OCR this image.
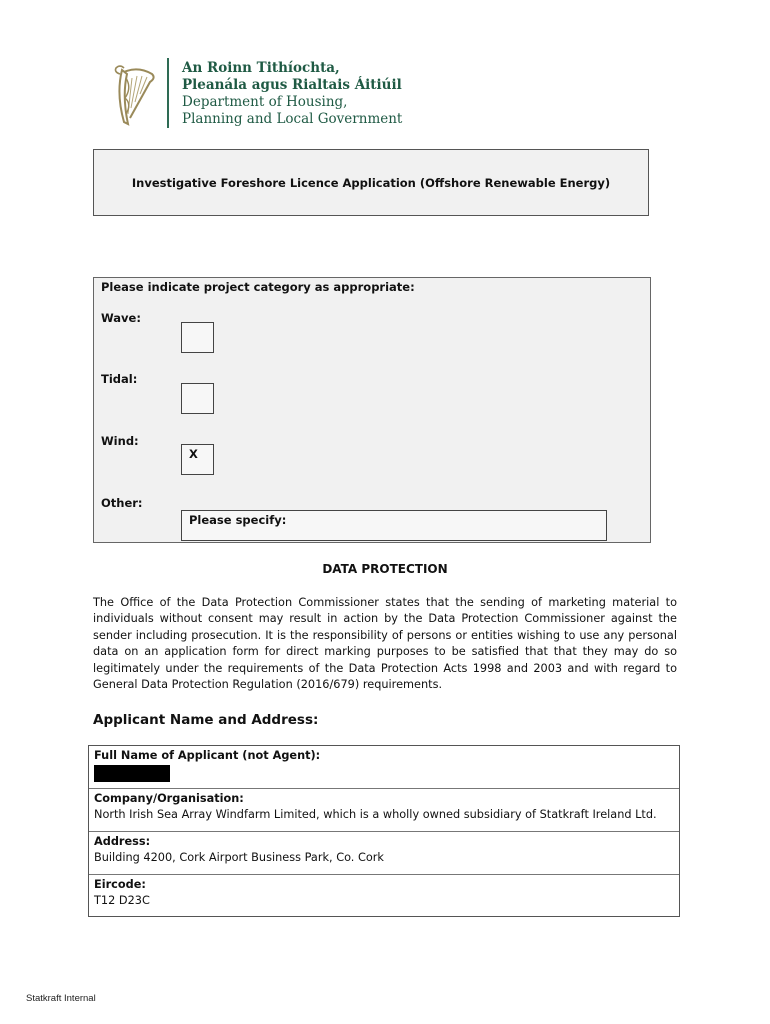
An Roinn Tithíochta,
Pleanála agus Rialtais Áitiúil
Department of Housing,
Planning and Local Government
Investigative Foreshore Licence Application (Offshore Renewable Energy)
Please indicate project category as appropriate:
Wave:
Tidal:
Wind:
X
Other:
Please specify:
DATA PROTECTION
The Office of the Data Protection Commissioner states that the sending of marketing material to individuals without consent may result in action by the Data Protection Commissioner against the sender including prosecution. It is the responsibility of persons or entities wishing to use any personal data on an application form for direct marking purposes to be satisfied that that they may do so legitimately under the requirements of the Data Protection Acts 1998 and 2003 and with regard to General Data Protection Regulation (2016/679) requirements.
Applicant Name and Address:
Full Name of Applicant (not Agent):
Company/Organisation:
North Irish Sea Array Windfarm Limited, which is a wholly owned subsidiary of Statkraft Ireland Ltd.
Address:
Building 4200, Cork Airport Business Park, Co. Cork
Eircode:
T12 D23C
Statkraft Internal
